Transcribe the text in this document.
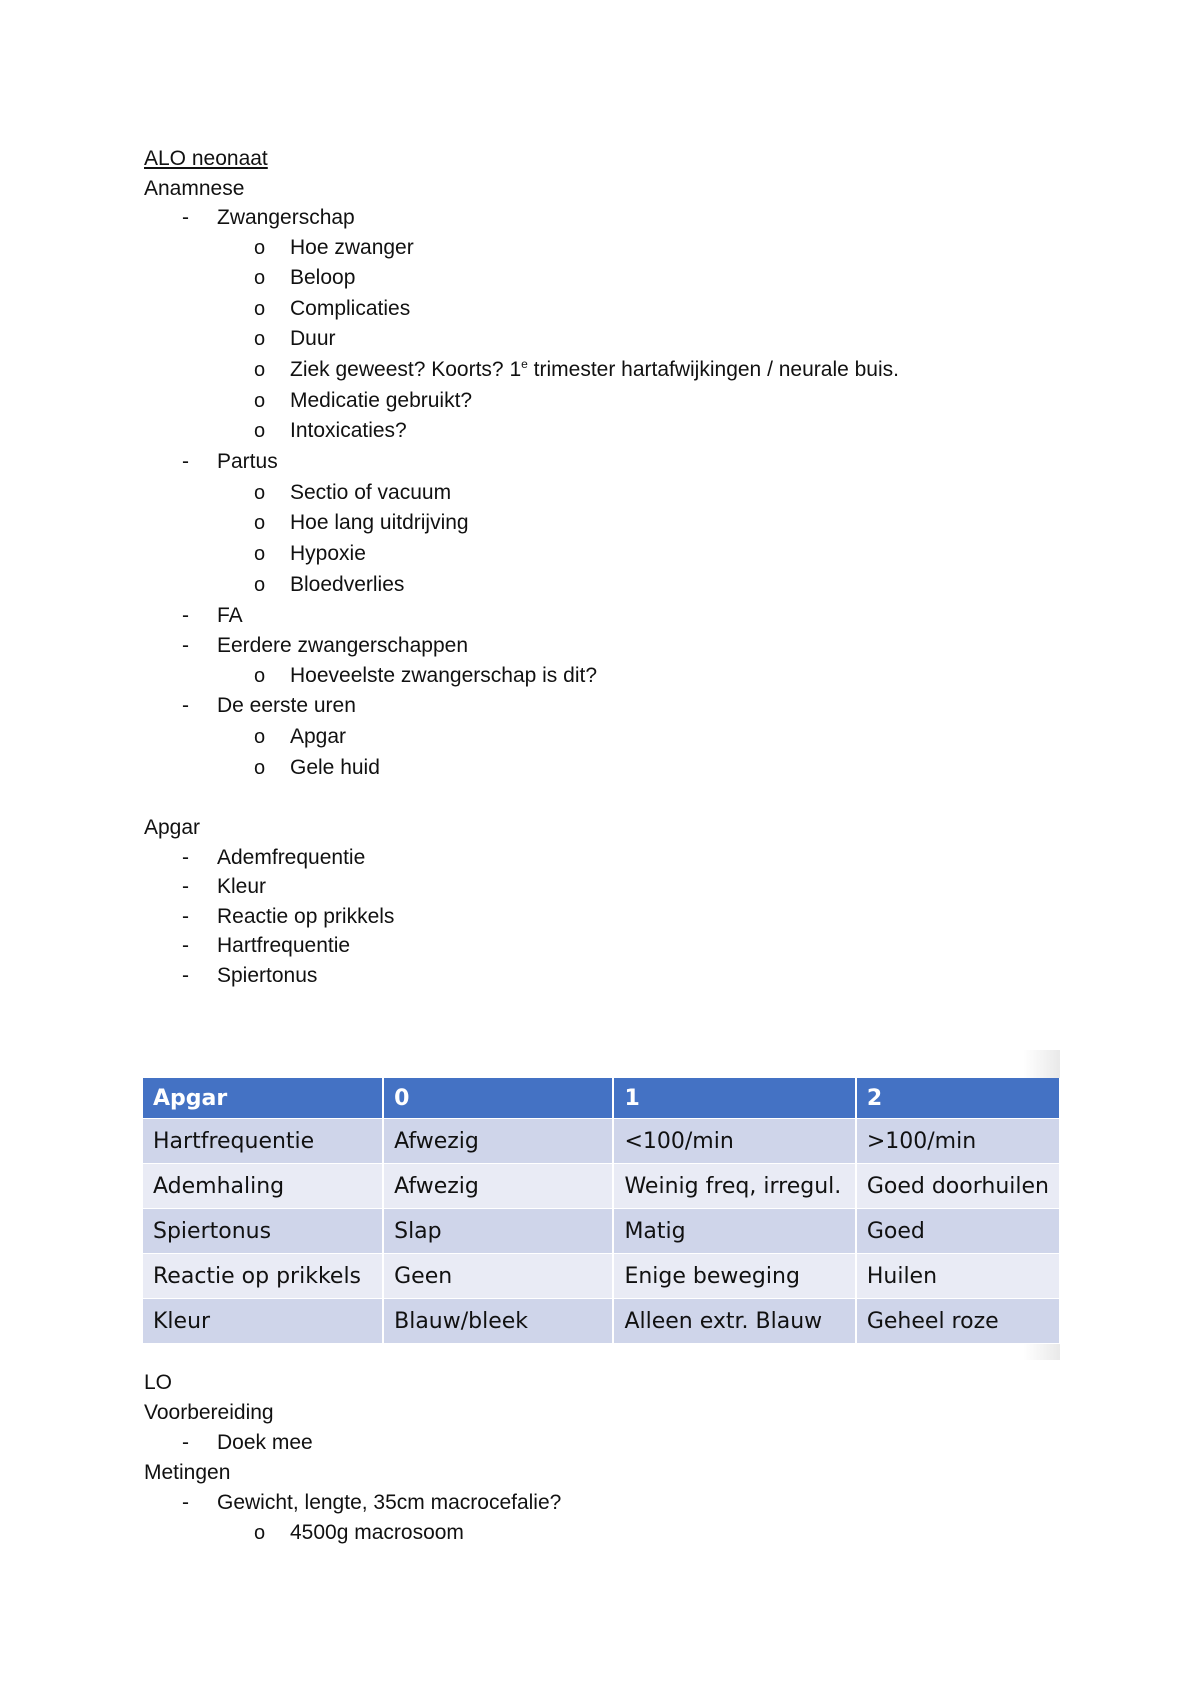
ALO neonaat
Anamnese
- Zwangerschap
o Hoe zwanger
o Beloop
o Complicaties
o Duur
o Ziek geweest? Koorts? 1e trimester hartafwijkingen / neurale buis.
o Medicatie gebruikt?
o Intoxicaties?
- Partus
o Sectio of vacuum
o Hoe lang uitdrijving
o Hypoxie
o Bloedverlies
- FA
- Eerdere zwangerschappen
o Hoeveelste zwangerschap is dit?
- De eerste uren
o Apgar
o Gele huid
Apgar
- Ademfrequentie
- Kleur
- Reactie op prikkels
- Hartfrequentie
- Spiertonus
Apgar	0	1	2
Hartfrequentie	Afwezig	<100/min	>100/min
Ademhaling	Afwezig	Weinig freq, irregul.	Goed doorhuilen
Spiertonus	Slap	Matig	Goed
Reactie op prikkels	Geen	Enige beweging	Huilen
Kleur	Blauw/bleek	Alleen extr. Blauw	Geheel roze
LO
Voorbereiding
- Doek mee
Metingen
- Gewicht, lengte, 35cm macrocefalie?
o 4500g macrosoom
